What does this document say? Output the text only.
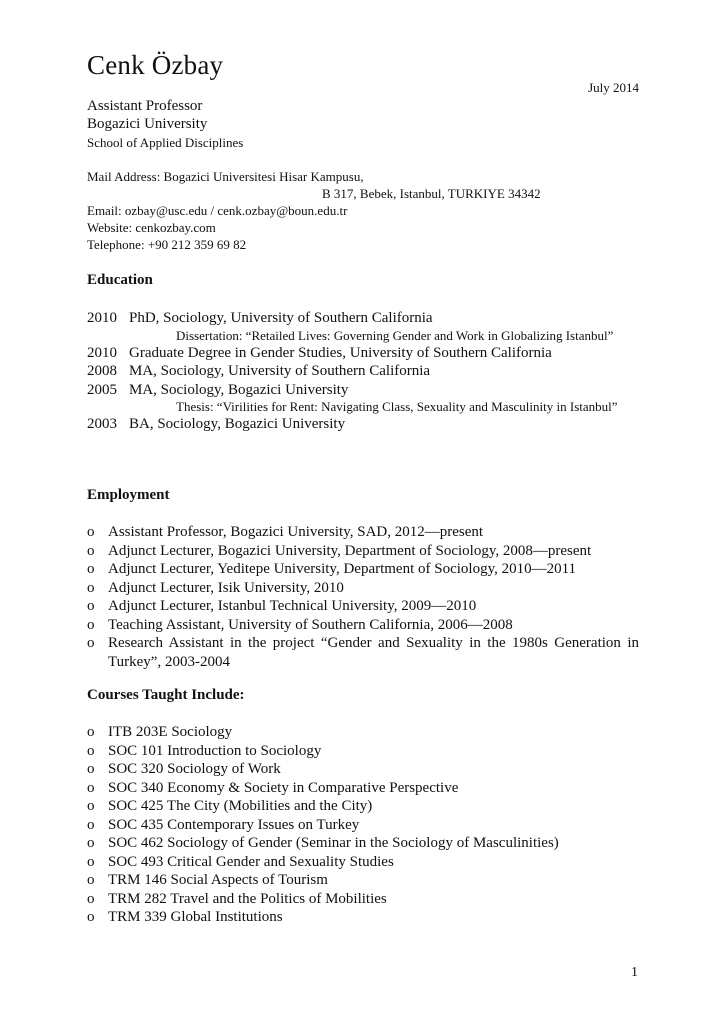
Cenk Özbay
July 2014
Assistant Professor
Bogazici University
School of Applied Disciplines
Mail Address: Bogazici Universitesi Hisar Kampusu,
B 317, Bebek, Istanbul, TURKIYE 34342
Email: ozbay@usc.edu / cenk.ozbay@boun.edu.tr
Website: cenkozbay.com
Telephone: +90 212 359 69 82
Education
2010 PhD, Sociology, University of Southern California
Dissertation: “Retailed Lives: Governing Gender and Work in Globalizing Istanbul”
2010 Graduate Degree in Gender Studies, University of Southern California
2008 MA, Sociology, University of Southern California
2005 MA, Sociology, Bogazici University
Thesis: “Virilities for Rent: Navigating Class, Sexuality and Masculinity in Istanbul”
2003 BA, Sociology, Bogazici University
Employment
o Assistant Professor, Bogazici University, SAD, 2012—present
o Adjunct Lecturer, Bogazici University, Department of Sociology, 2008—present
o Adjunct Lecturer, Yeditepe University, Department of Sociology, 2010—2011
o Adjunct Lecturer, Isik University, 2010
o Adjunct Lecturer, Istanbul Technical University, 2009—2010
o Teaching Assistant, University of Southern California, 2006—2008
o Research Assistant in the project “Gender and Sexuality in the 1980s Generation in Turkey”, 2003-2004
Courses Taught Include:
o ITB 203E Sociology
o SOC 101 Introduction to Sociology
o SOC 320 Sociology of Work
o SOC 340 Economy & Society in Comparative Perspective
o SOC 425 The City (Mobilities and the City)
o SOC 435 Contemporary Issues on Turkey
o SOC 462 Sociology of Gender (Seminar in the Sociology of Masculinities)
o SOC 493 Critical Gender and Sexuality Studies
o TRM 146 Social Aspects of Tourism
o TRM 282 Travel and the Politics of Mobilities
o TRM 339 Global Institutions
1
